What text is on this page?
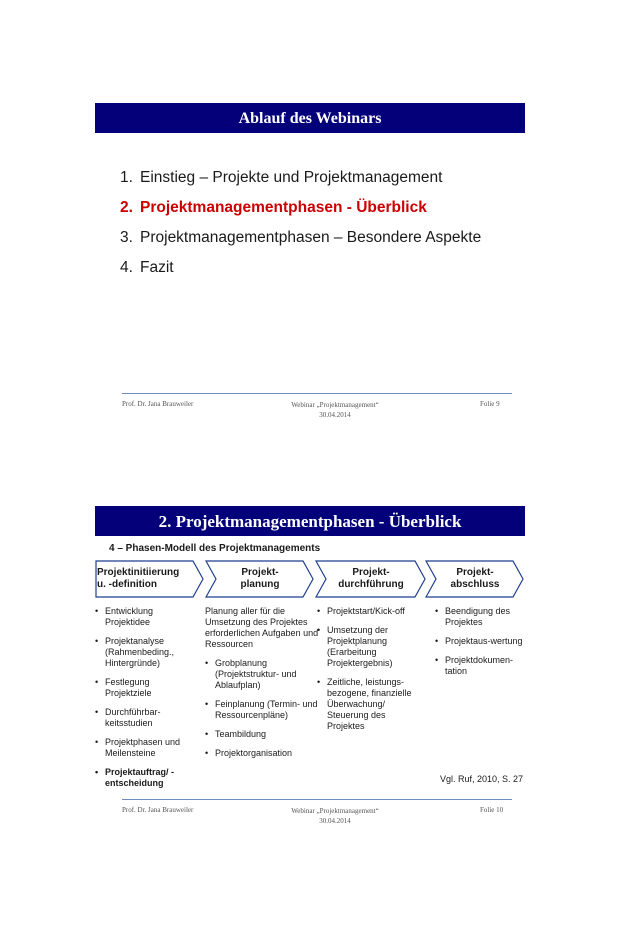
Ablauf des Webinars
1. Einstieg – Projekte und Projektmanagement
2. Projektmanagementphasen - Überblick
3. Projektmanagementphasen – Besondere Aspekte
4. Fazit
Prof. Dr. Jana Brauweiler	Webinar „Projektmanagement“
30.04.2014
Folie 9
2. Projektmanagementphasen - Überblick
4 – Phasen-Modell des Projektmanagements
Projektinitiierung
u. -definition
Projekt-
planung
Projekt-
durchführung
Projekt-
abschluss
• Entwicklung Projektidee
• Projektanalyse (Rahmenbeding., Hintergründe)
• Festlegung Projektziele
• Durchführbar-keitsstudien
• Projektphasen und Meilensteine
• Projektauftrag/ -entscheidung

Planung aller für die Umsetzung des Projektes erforderlichen Aufgaben und Ressourcen

• Grobplanung (Projektstruktur- und Ablaufplan)
• Feinplanung (Termin- und Ressourcenpläne)
• Teambildung
• Projektorganisation
• Projektstart/Kick-off
• Umsetzung der Projektplanung (Erarbeitung Projektergebnis)
• Zeitliche, leistungs-bezogene, finanzielle Überwachung/ Steuerung des Projektes
• Beendigung des Projektes
• Projektaus-wertung
• Projektdokumen-tation
Vgl. Ruf, 2010, S. 27
Prof. Dr. Jana Brauweiler	Webinar „Projektmanagement“
30.04.2014
Folie 10
